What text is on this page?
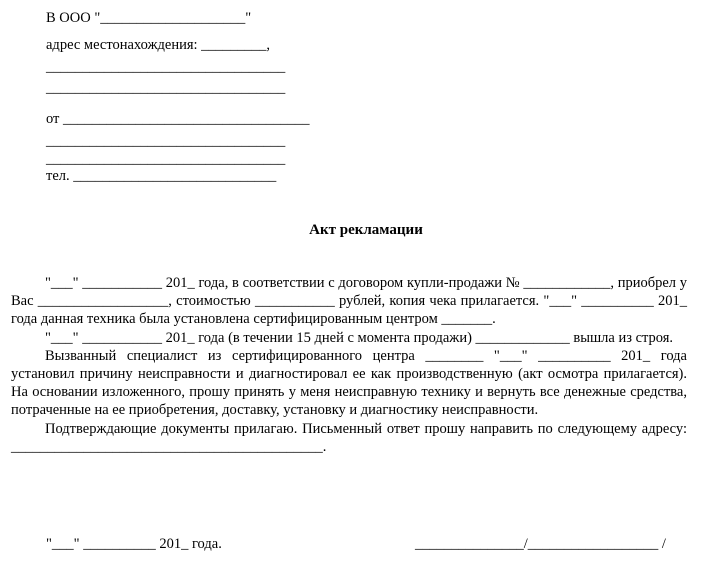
В ООО "____________________"
адрес местонахождения: _________,
_________________________________
_________________________________
от __________________________________
_________________________________
_________________________________
тел. ____________________________
Акт рекламации

"___" ___________ 201_ года, в соответствии с договором купли-продажи № ____________, приобрел у Вас __________________, стоимостью ___________ рублей, копия чека прилагается. "___" __________ 201_ года данная техника была установлена сертифицированным центром _______.

"___" ___________ 201_ года (в течении 15 дней с момента продажи) _____________ вышла из строя.

Вызванный специалист из сертифицированного центра ________ "___" __________ 201_ года установил причину неисправности и диагностировал ее как производственную (акт осмотра прилагается). На основании изложенного, прошу принять у меня неисправную технику и вернуть все денежные средства, потраченные на ее приобретения, доставку, установку и диагностику неисправности.

Подтверждающие документы прилагаю. Письменный ответ прошу направить по следующему адресу: ___________________________________________.

"___" __________ 201_ года.	_______________/__________________ /
